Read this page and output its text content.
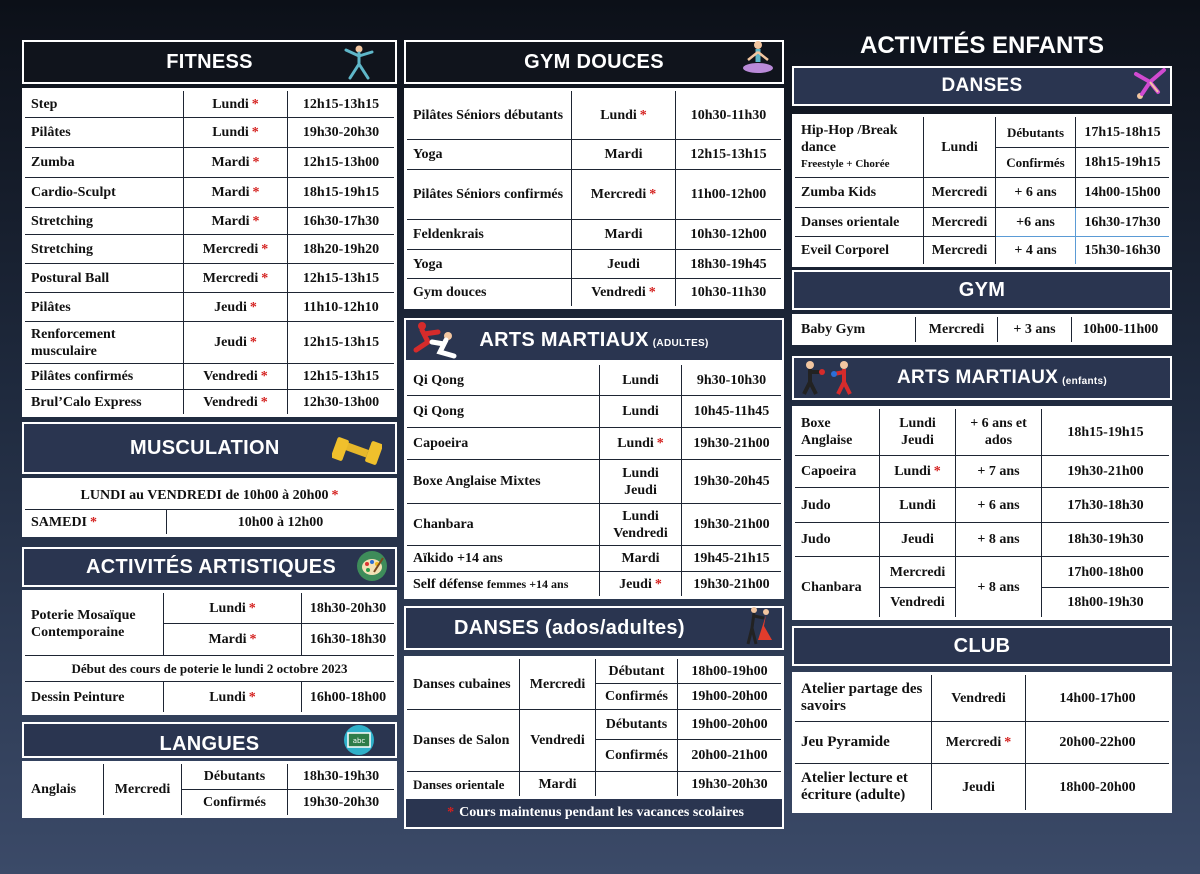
FITNESS
Step	Lundi *	12h15-13h15
Pilâtes	Lundi *	19h30-20h30
Zumba	Mardi *	12h15-13h00
Cardio-Sculpt	Mardi *	18h15-19h15
Stretching	Mardi *	16h30-17h30
Stretching	Mercredi *	18h20-19h20
Postural Ball	Mercredi *	12h15-13h15
Pilâtes	Jeudi *	11h10-12h10
Renforcement musculaire	Jeudi *	12h15-13h15
Pilâtes confirmés	Vendredi *	12h15-13h15
Brul’Calo Express	Vendredi *	12h30-13h00
MUSCULATION
LUNDI au VENDREDI de 10h00 à 20h00 *
SAMEDI *	10h00 à 12h00
ACTIVITÉS ARTISTIQUES
Poterie Mosaïque Contemporaine	Lundi *	18h30-20h30
	Mardi *	16h30-18h30
Début des cours de poterie le lundi 2 octobre 2023		
Dessin Peinture	Lundi *	16h00-18h00
LANGUES	abc
Anglais	Mercredi	Débutants	18h30-19h30
		Confirmés	19h30-20h30
GYM DOUCES
Pilâtes Séniors débutants	Lundi *	10h30-11h30
Yoga	Mardi	12h15-13h15
Pilâtes Séniors confirmés	Mercredi *	11h00-12h00
Feldenkrais	Mardi	10h30-12h00
Yoga	Jeudi	18h30-19h45
Gym douces	Vendredi *	10h30-11h30
ARTS MARTIAUX (ADULTES)
Qi Qong	Lundi	9h30-10h30
Qi Qong	Lundi	10h45-11h45
Capoeira	Lundi *	19h30-21h00
Boxe Anglaise Mixtes	Lundi Jeudi	19h30-20h45
Chanbara	Lundi Vendredi	19h30-21h00
Aïkido +14 ans	Mardi	19h45-21h15
Self défense femmes +14 ans	Jeudi *	19h30-21h00
DANSES (ados/adultes)
Danses cubaines	Mercredi	Débutant	18h00-19h00
		Confirmés	19h00-20h00
Danses de Salon	Vendredi	Débutants	19h00-20h00
		Confirmés	20h00-21h00
Danses orientale	Mardi		19h30-20h30
* Cours maintenus pendant les vacances scolaires
ACTIVITÉS ENFANTS
DANSES
Hip-Hop /Break dance
Freestyle + Chorée	Lundi	Débutants	17h15-18h15
		Confirmés	18h15-19h15
Zumba Kids	Mercredi	+ 6 ans	14h00-15h00
Danses orientale	Mercredi	+6 ans	16h30-17h30
Eveil Corporel	Mercredi	+ 4 ans	15h30-16h30
GYM
Baby Gym	Mercredi	+ 3 ans	10h00-11h00
ARTS MARTIAUX (enfants)
Boxe Anglaise	Lundi Jeudi	+ 6 ans et ados	18h15-19h15
Capoeira	Lundi *	+ 7 ans	19h30-21h00
Judo	Lundi	+ 6 ans	17h30-18h30
Judo	Jeudi	+ 8 ans	18h30-19h30
Chanbara	Mercredi	+ 8 ans	17h00-18h00
	Vendredi		18h00-19h30
CLUB
Atelier partage des savoirs	Vendredi	14h00-17h00
Jeu Pyramide	Mercredi *	20h00-22h00
Atelier lecture et écriture (adulte)	Jeudi	18h00-20h00
